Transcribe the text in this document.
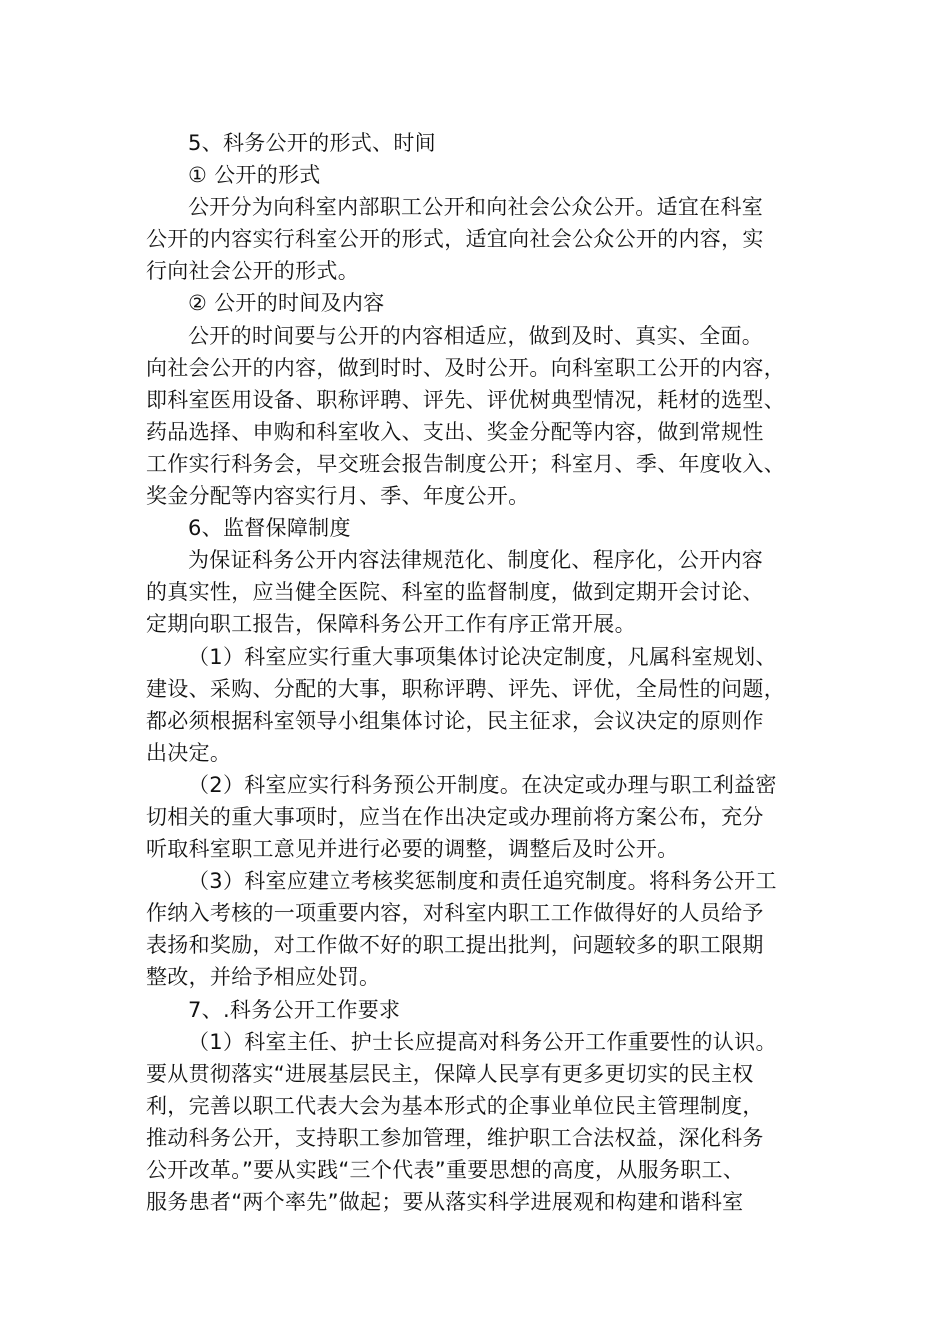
5、科务公开的形式、时间
① 公开的形式
公开分为向科室内部职工公开和向社会公众公开。适宜在科室
公开的内容实行科室公开的形式，适宜向社会公众公开的内容，实
行向社会公开的形式。
② 公开的时间及内容
公开的时间要与公开的内容相适应，做到及时、真实、全面。
向社会公开的内容，做到时时、及时公开。向科室职工公开的内容，
即科室医用设备、职称评聘、评先、评优树典型情况，耗材的选型、
药品选择、申购和科室收入、支出、奖金分配等内容，做到常规性
工作实行科务会，早交班会报告制度公开；科室月、季、年度收入、
奖金分配等内容实行月、季、年度公开。
6、监督保障制度
为保证科务公开内容法律规范化、制度化、程序化，公开内容
的真实性，应当健全医院、科室的监督制度，做到定期开会讨论、
定期向职工报告，保障科务公开工作有序正常开展。
（1）科室应实行重大事项集体讨论决定制度，凡属科室规划、
建设、采购、分配的大事，职称评聘、评先、评优，全局性的问题，
都必须根据科室领导小组集体讨论，民主征求，会议决定的原则作
出决定。
（2）科室应实行科务预公开制度。在决定或办理与职工利益密
切相关的重大事项时，应当在作出决定或办理前将方案公布，充分
听取科室职工意见并进行必要的调整，调整后及时公开。
（3）科室应建立考核奖惩制度和责任追究制度。将科务公开工
作纳入考核的一项重要内容，对科室内职工工作做得好的人员给予
表扬和奖励，对工作做不好的职工提出批判，问题较多的职工限期
整改，并给予相应处罚。
7、.科务公开工作要求
（1）科室主任、护士长应提高对科务公开工作重要性的认识。
要从贯彻落实“进展基层民主，保障人民享有更多更切实的民主权
利，完善以职工代表大会为基本形式的企事业单位民主管理制度，
推动科务公开，支持职工参加管理，维护职工合法权益，深化科务
公开改革。”要从实践“三个代表”重要思想的高度，从服务职工、
服务患者“两个率先”做起；要从落实科学进展观和构建和谐科室
